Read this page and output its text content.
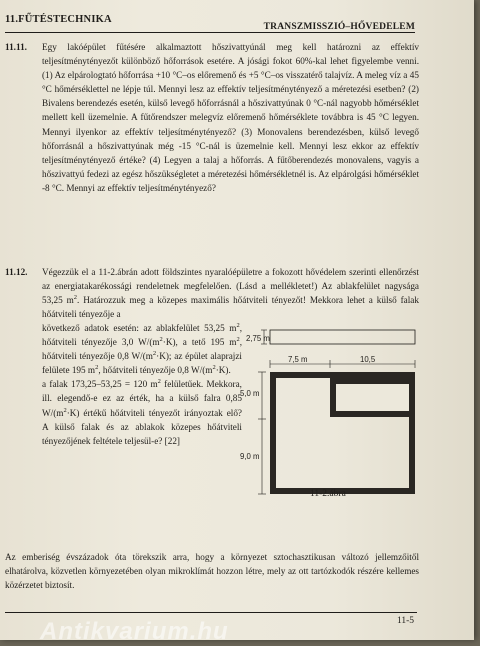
11.FŰTÉSTECHNIKA
TRANSZMISSZIÓ–HŐVEDELEM
11.11. Egy lakóépület fűtésére alkalmaztott hőszivattyúnál meg kell határozni az effektív teljesítménytényezőt különböző hőforrások esetére. A jósági fokot 60%-kal lehet figyelembe venni. (1) Az elpárologtató hőforrása +10 °C–os előremenő és +5 °C–os visszatérő talajvíz. A meleg víz a 45 °C hőmérséklettel ne lépje túl. Mennyi lesz az effektív teljesítménytényező a méretezési esetben? (2) Bivalens berendezés esetén, külső levegő hőforrásnál a hőszivattyúnak 0 °C-nál nagyobb hőmérséklet mellett kell üzemelnie. A fűtőrendszer melegvíz előremenő hőmérséklete továbbra is 45 °C legyen. Mennyi ilyenkor az effektív teljesítménytényező? (3) Monovalens berendezésben, külső levegő hőforrásnál a hőszivattyúnak még -15 °C-nál is üzemelnie kell. Mennyi lesz ekkor az effektív teljesítménytényező értéke? (4) Legyen a talaj a hőforrás. A fűtőberendezés monovalens, vagyis a hőszivattyú fedezi az egész hőszükségletet a méretezési hőmérsékletnél is. Az elpárolgási hőmérséklet -8 °C. Mennyi az effektív teljesítménytényező?
11.12. Végezzük el a 11-2.ábrán adott földszintes nyaralóépületre a fokozott hővédelem szerinti ellenőrzést az energiatakarékossági rendeletnek megfelelően. (Lásd a mellékletet!) Az ablakfelület nagysága 53,25 $m^2$. Határozzuk meg a közepes maximális hőátviteli tényezőt! Mekkora lehet a külső falak hőátviteli tényezője a
következő adatok esetén: az ablakfelület 53,25 $m^2$, hőátviteli tényezője 3,0 $W/(m^2\cdot K)$, a tető 195 $m^2$, hőátviteli tényezője 0,8 $W/(m^2\cdot K)$; az épület alaprajzi felülete 195 $m^2$, hőátviteli tényezője 0,8 $W/(m^2\cdot K)$.
a falak 173,25–53,25 = 120 $m^2$ felületűek. Mekkora, ill. elegendő-e ez az érték, ha a külső falra 0,85 $W/(m^2\cdot K)$ értékű hőátviteli tényezőt irányoztak elő? A külső falak és az ablakok közepes hőátviteli tényezőjének feltétele teljesül-e? [22]
2,75 m
7,5 m	10,5
5,0 m
9,0 m
11-2.ábra
Az emberiség évszázadok óta törekszik arra, hogy a környezet sztochasztikusan változó jellemzőitől elhatárolva, közvetlen környezetében olyan mikroklímát hozzon létre, mely az ott tartózkodók részére kellemes közérzetet biztosít.
11-5
Antikvarium.hu
